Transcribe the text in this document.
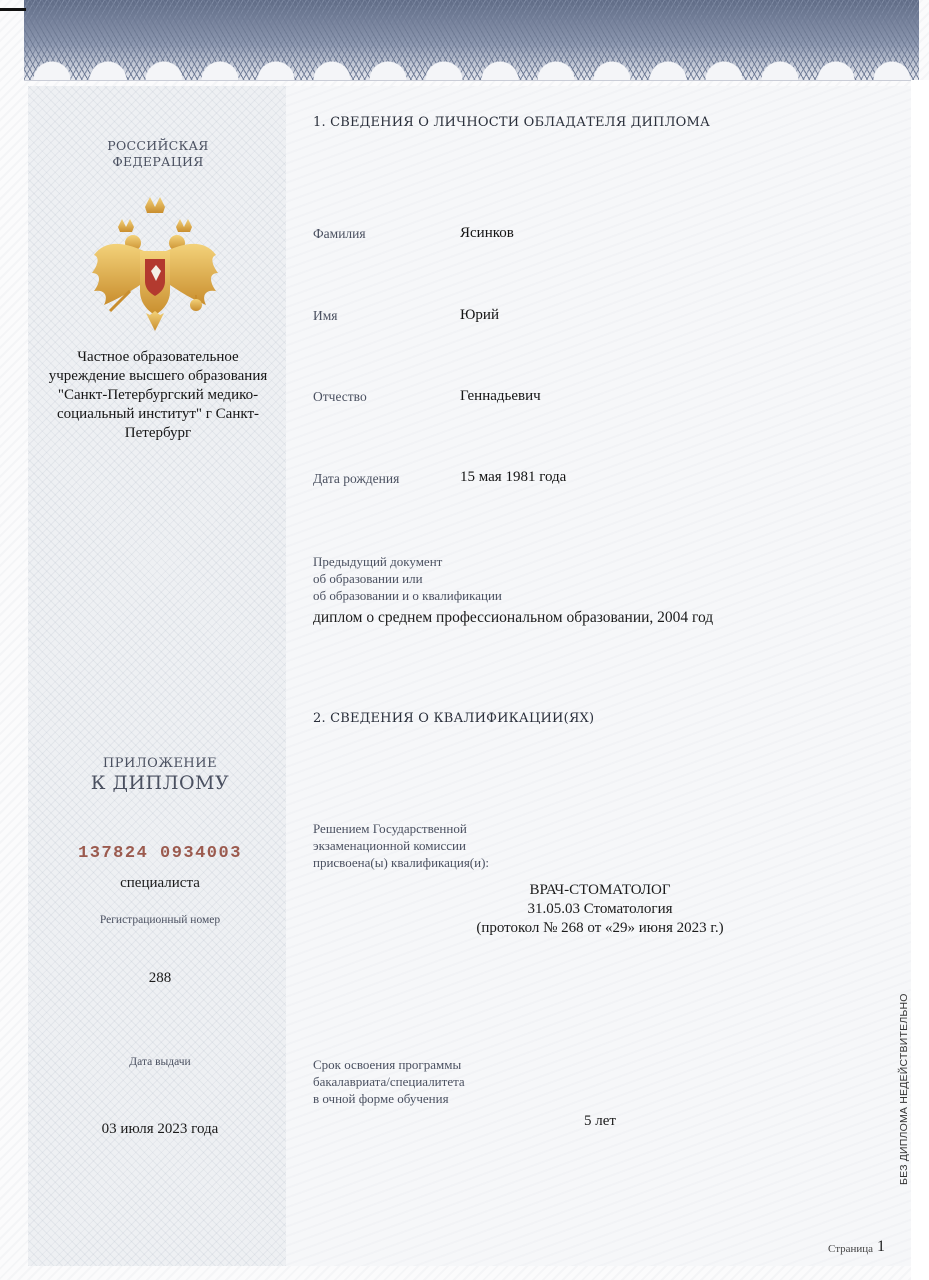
РОССИЙСКАЯ ФЕДЕРАЦИЯ
Частное образовательное учреждение высшего образования "Санкт-Петербургский медико-социальный институт" г Санкт-Петербург
ПРИЛОЖЕНИЕ
К ДИПЛОМУ
137824 0934003
специалиста
Регистрационный номер
288
Дата выдачи
03 июля 2023 года
1. СВЕДЕНИЯ О ЛИЧНОСТИ ОБЛАДАТЕЛЯ ДИПЛОМА
Фамилия	Ясинков
Имя	Юрий
Отчество	Геннадьевич
Дата рождения	15 мая 1981 года
Предыдущий документ
об образовании или
об образовании и о квалификации
диплом о среднем профессиональном образовании, 2004 год
2. СВЕДЕНИЯ О КВАЛИФИКАЦИИ(ЯХ)
Решением Государственной
экзаменационной комиссии
присвоена(ы) квалификация(и):
ВРАЧ-СТОМАТОЛОГ
31.05.03 Стоматология
(протокол № 268 от «29» июня 2023 г.)
Срок освоения программы
бакалавриата/специалитета
в очной форме обучения
5 лет	БЕЗ ДИПЛОМА НЕДЕЙСТВИТЕЛЬНО
Страница 1
